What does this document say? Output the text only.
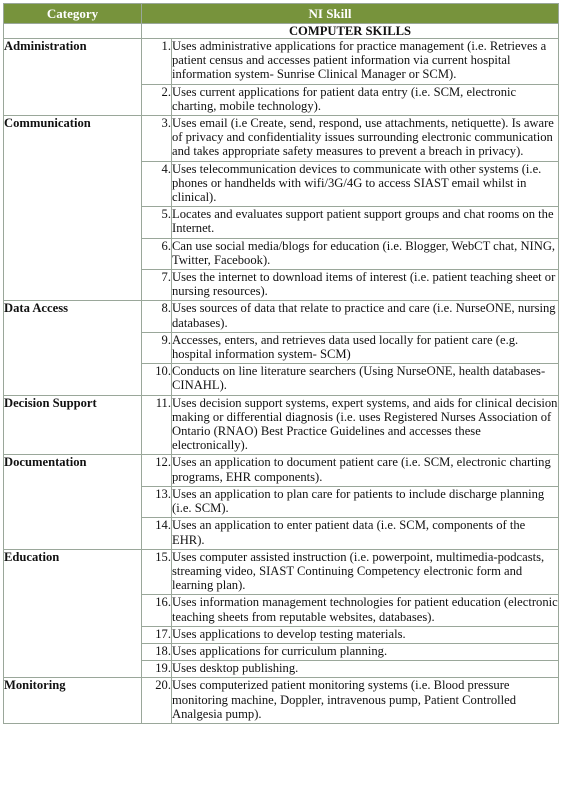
Category	NI Skill	
	COMPUTER SKILLS	
Administration	1.	Uses administrative applications for practice management (i.e. Retrieves a patient census and accesses patient information via current hospital information system- Sunrise Clinical Manager or SCM).
	2.	Uses current applications for patient data entry (i.e. SCM, electronic charting, mobile technology).
Communication	3.	Uses email (i.e Create, send, respond, use attachments, netiquette). Is aware of privacy and confidentiality issues surrounding electronic communication and takes appropriate safety measures to prevent a breach in privacy).
	4.	Uses telecommunication devices to communicate with other systems (i.e. phones or handhelds with wifi/3G/4G to access SIAST email whilst in clinical).
	5.	Locates and evaluates support patient support groups and chat rooms on the Internet.
	6.	Can use social media/blogs for education (i.e. Blogger, WebCT chat, NING, Twitter, Facebook).
	7.	Uses the internet to download items of interest (i.e. patient teaching sheet or nursing resources).
Data Access	8.	Uses sources of data that relate to practice and care (i.e. NurseONE, nursing databases).
	9.	Accesses, enters, and retrieves data used locally for patient care (e.g. hospital information system- SCM)
	10.	Conducts on line literature searchers (Using NurseONE, health databases-CINAHL).
Decision Support	11.	Uses decision support systems, expert systems, and aids for clinical decision making or differential diagnosis (i.e. uses Registered Nurses Association of Ontario (RNAO) Best Practice Guidelines and accesses these electronically).
Documentation	12.	Uses an application to document patient care (i.e. SCM, electronic charting programs, EHR components).
	13.	Uses an application to plan care for patients to include discharge planning (i.e. SCM).
	14.	Uses an application to enter patient data (i.e. SCM, components of the EHR).
Education	15.	Uses computer assisted instruction (i.e. powerpoint, multimedia-podcasts, streaming video, SIAST Continuing Competency electronic form and learning plan).
	16.	Uses information management technologies for patient education (electronic teaching sheets from reputable websites, databases).
	17.	Uses applications to develop testing materials.
	18.	Uses applications for curriculum planning.
	19.	Uses desktop publishing.
Monitoring	20.	Uses computerized patient monitoring systems (i.e. Blood pressure monitoring machine, Doppler, intravenous pump, Patient Controlled Analgesia pump).
